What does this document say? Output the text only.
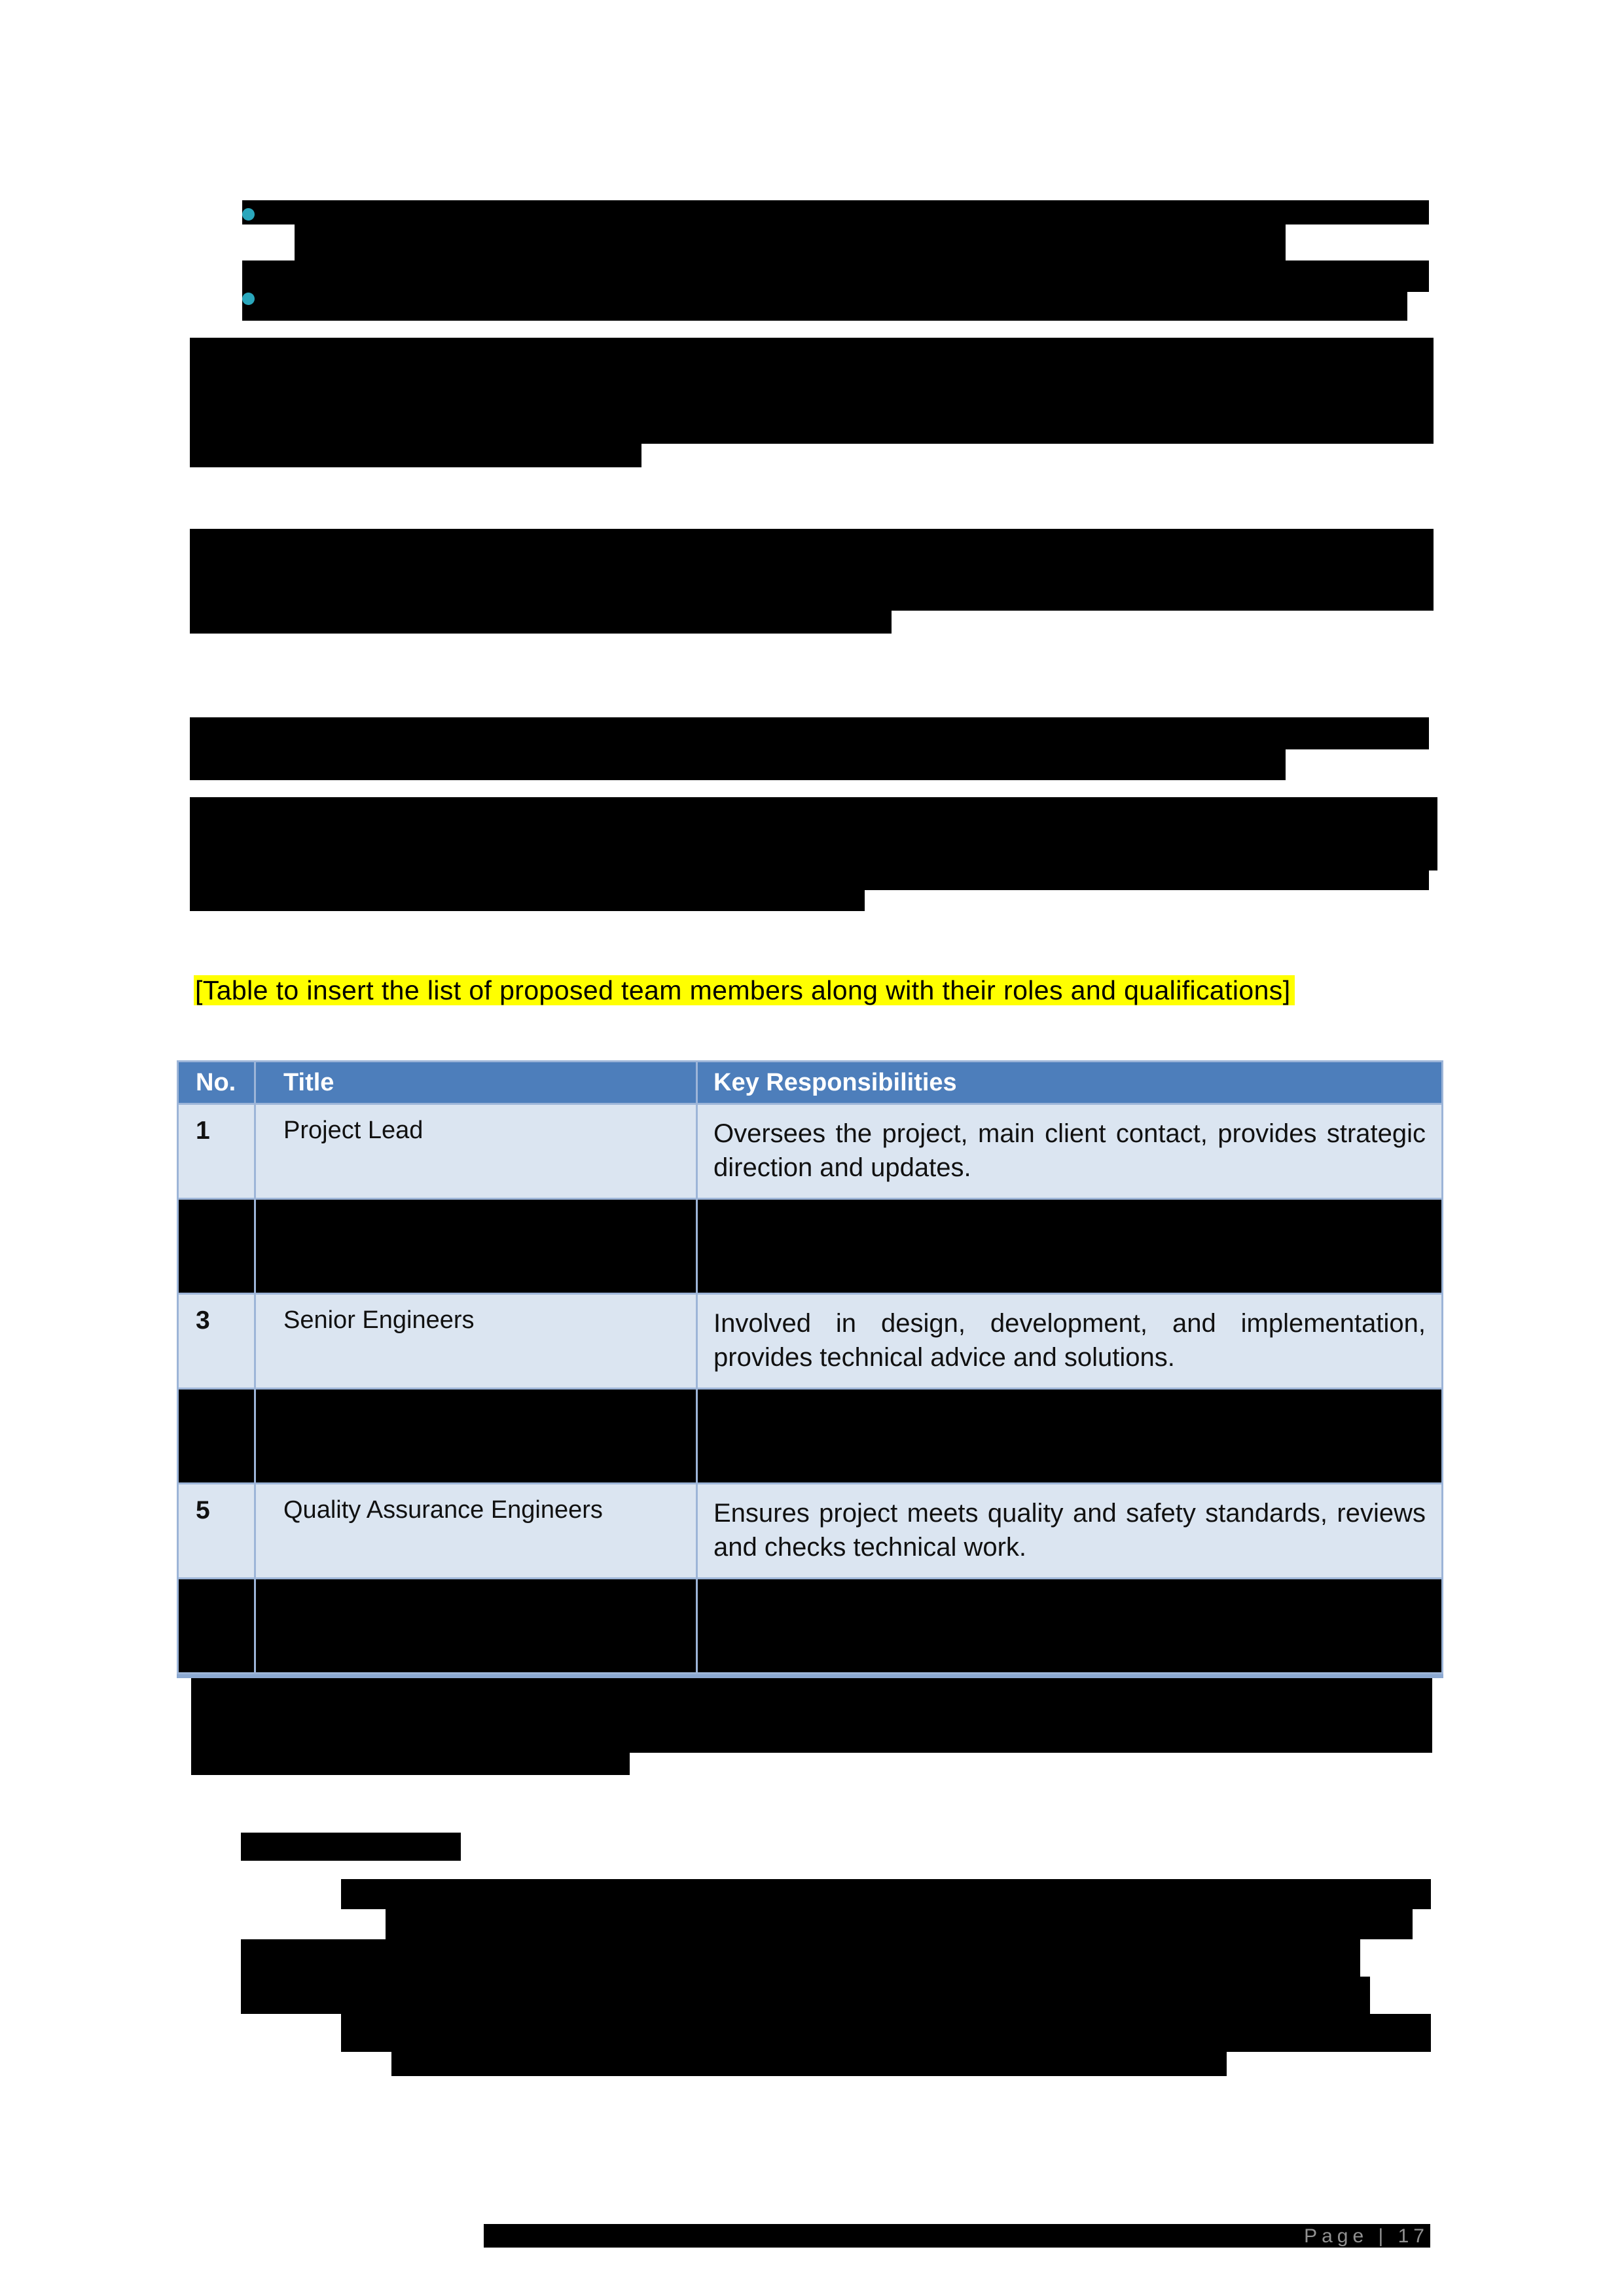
[Table to insert the list of proposed team members along with their roles and qualifications]
No.	Title	Key Responsibilities
1	Project Lead	Oversees the project, main client contact, provides strategic direction and updates.

3	Senior Engineers	Involved in design, development, and implementation, provides technical advice and solutions.

5	Quality Assurance Engineers	Ensures project meets quality and safety standards, reviews and checks technical work.

Page | 17
